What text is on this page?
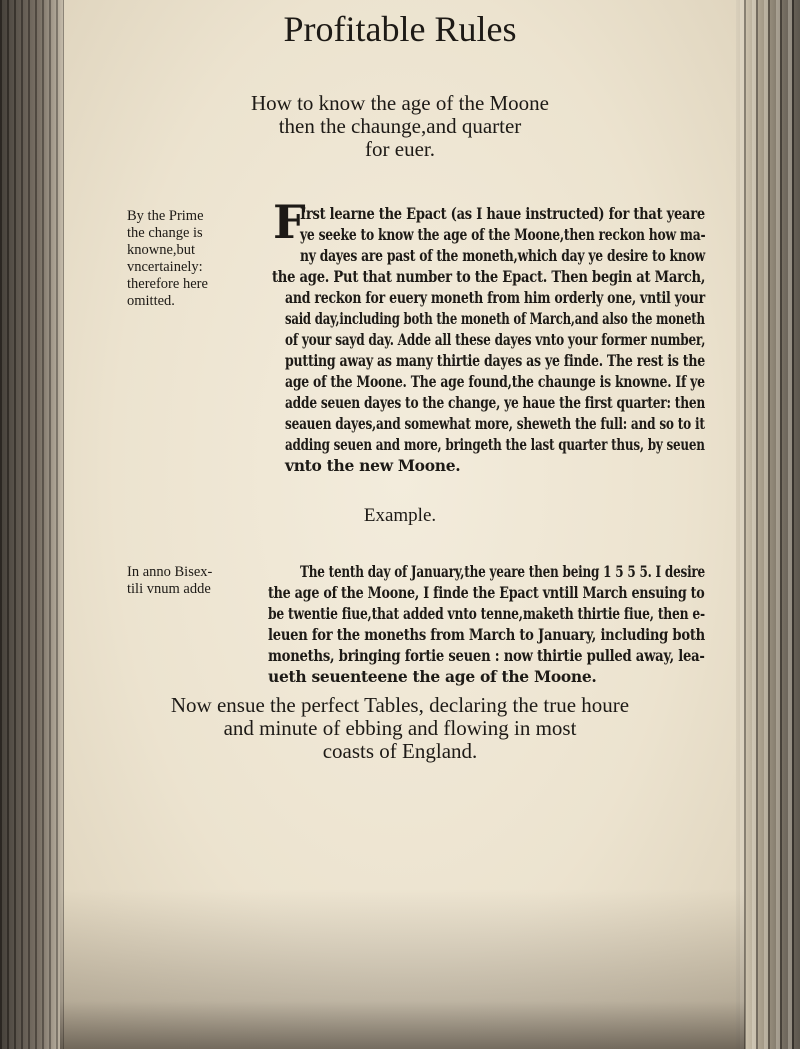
Profitable Rules
How to know the age of the Moone
then the chaunge,and quarter
for euer.
By the Prime
the change is
knowne,but
vncertainely:
therefore here
omitted.
F
Irst learne the Epact (as I haue instructed) for that yeare
ye seeke to know the age of the Moone,then reckon how ma-
ny dayes are past of the moneth,which day ye desire to know
the age. Put that number to the Epact. Then begin at March,
and reckon for euery moneth from him orderly one, vntil your
said day,including both the moneth of March,and also the moneth
of your sayd day. Adde all these dayes vnto your former number,
putting away as many thirtie dayes as ye finde. The rest is the
age of the Moone. The age found,the chaunge is knowne. If ye
adde seuen dayes to the change, ye haue the first quarter: then
seauen dayes,and somewhat more, sheweth the full: and so to it
adding seuen and more, bringeth the last quarter thus, by seuen
vnto the new Moone.
Example.
In anno Bisex-
tili vnum adde
The tenth day of January,the yeare then being 1 5 5 5. I desire
the age of the Moone, I finde the Epact vntill March ensuing to
be twentie fiue,that added vnto tenne,maketh thirtie fiue, then e-
leuen for the moneths from March to January, including both
moneths, bringing fortie seuen : now thirtie pulled away, lea-
ueth seuenteene the age of the Moone.
Now ensue the perfect Tables, declaring the true houre
and minute of ebbing and flowing in most
coasts of England.
